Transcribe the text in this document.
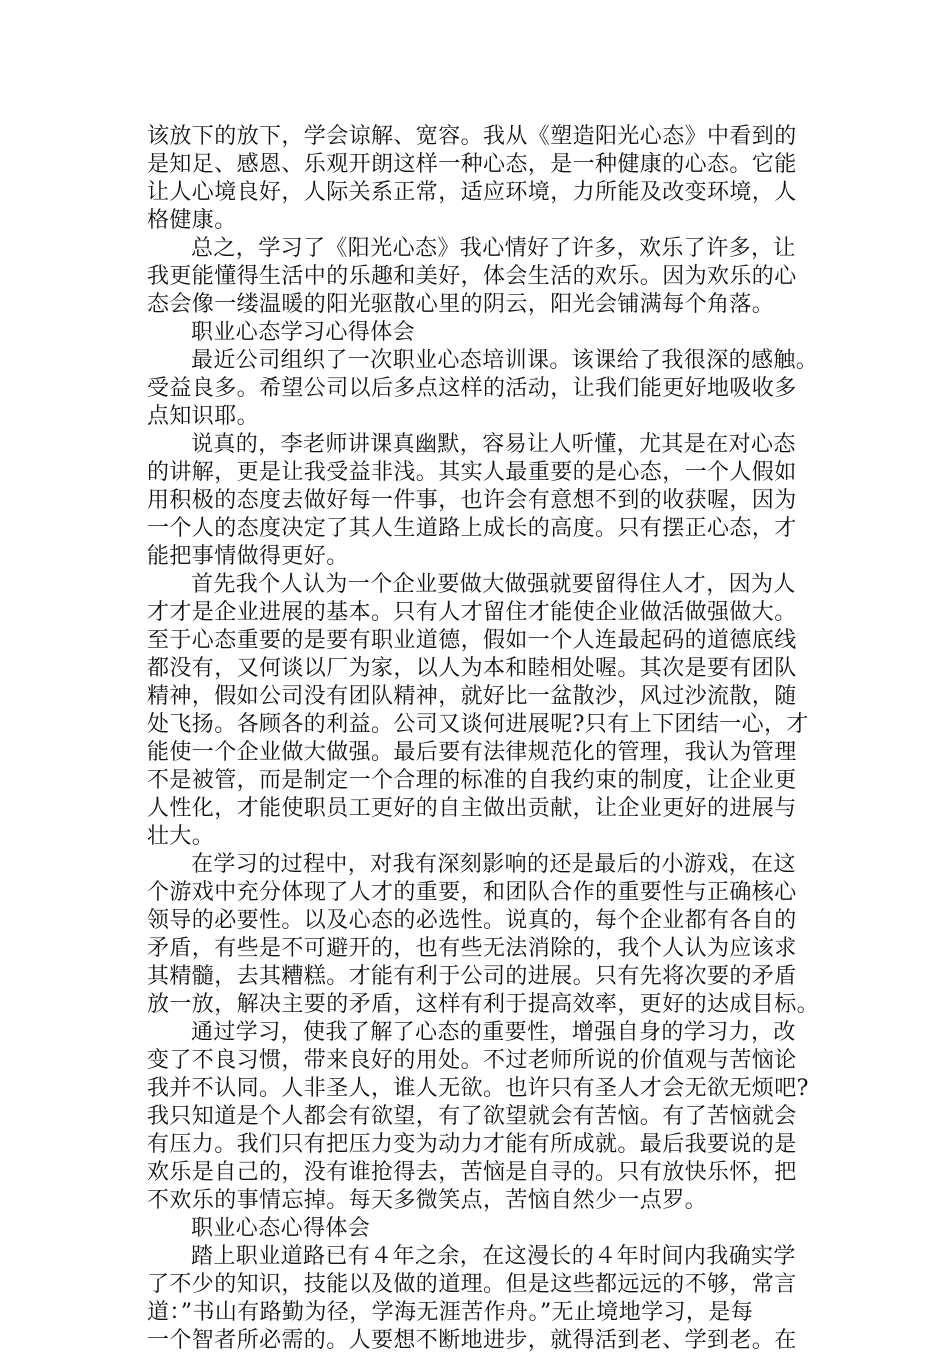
该放下的放下，学会谅解、宽容。我从《塑造阳光心态》中看到的
是知足、感恩、乐观开朗这样一种心态，是一种健康的心态。它能
让人心境良好，人际关系正常，适应环境，力所能及改变环境，人
格健康。
总之，学习了《阳光心态》我心情好了许多，欢乐了许多，让
我更能懂得生活中的乐趣和美好，体会生活的欢乐。因为欢乐的心
态会像一缕温暖的阳光驱散心里的阴云，阳光会铺满每个角落。
职业心态学习心得体会
最近公司组织了一次职业心态培训课。该课给了我很深的感触。
受益良多。希望公司以后多点这样的活动，让我们能更好地吸收多
点知识耶。
说真的，李老师讲课真幽默，容易让人听懂，尤其是在对心态
的讲解，更是让我受益非浅。其实人最重要的是心态，一个人假如
用积极的态度去做好每一件事，也许会有意想不到的收获喔，因为
一个人的态度决定了其人生道路上成长的高度。只有摆正心态，才
能把事情做得更好。
首先我个人认为一个企业要做大做强就要留得住人才，因为人
才才是企业进展的基本。只有人才留住才能使企业做活做强做大。
至于心态重要的是要有职业道德，假如一个人连最起码的道德底线
都没有，又何谈以厂为家，以人为本和睦相处喔。其次是要有团队
精神，假如公司没有团队精神，就好比一盆散沙，风过沙流散，随
处飞扬。各顾各的利益。公司又谈何进展呢?只有上下团结一心，才
能使一个企业做大做强。最后要有法律规范化的管理，我认为管理
不是被管，而是制定一个合理的标准的自我约束的制度，让企业更
人性化，才能使职员工更好的自主做出贡献，让企业更好的进展与
壮大。
在学习的过程中，对我有深刻影响的还是最后的小游戏，在这
个游戏中充分体现了人才的重要，和团队合作的重要性与正确核心
领导的必要性。以及心态的必选性。说真的，每个企业都有各自的
矛盾，有些是不可避开的，也有些无法消除的，我个人认为应该求
其精髓，去其糟糕。才能有利于公司的进展。只有先将次要的矛盾
放一放，解决主要的矛盾，这样有利于提高效率，更好的达成目标。
通过学习，使我了解了心态的重要性，增强自身的学习力，改
变了不良习惯，带来良好的用处。不过老师所说的价值观与苦恼论
我并不认同。人非圣人，谁人无欲。也许只有圣人才会无欲无烦吧?
我只知道是个人都会有欲望，有了欲望就会有苦恼。有了苦恼就会
有压力。我们只有把压力变为动力才能有所成就。最后我要说的是
欢乐是自己的，没有谁抢得去，苦恼是自寻的。只有放快乐怀，把
不欢乐的事情忘掉。每天多微笑点，苦恼自然少一点罗。
职业心态心得体会
踏上职业道路已有４年之余，在这漫长的４年时间内我确实学
了不少的知识，技能以及做的道理。但是这些都远远的不够，常言
道：”书山有路勤为径，学海无涯苦作舟。”无止境地学习，是每
一个智者所必需的。人要想不断地进步，就得活到老、学到老。在
